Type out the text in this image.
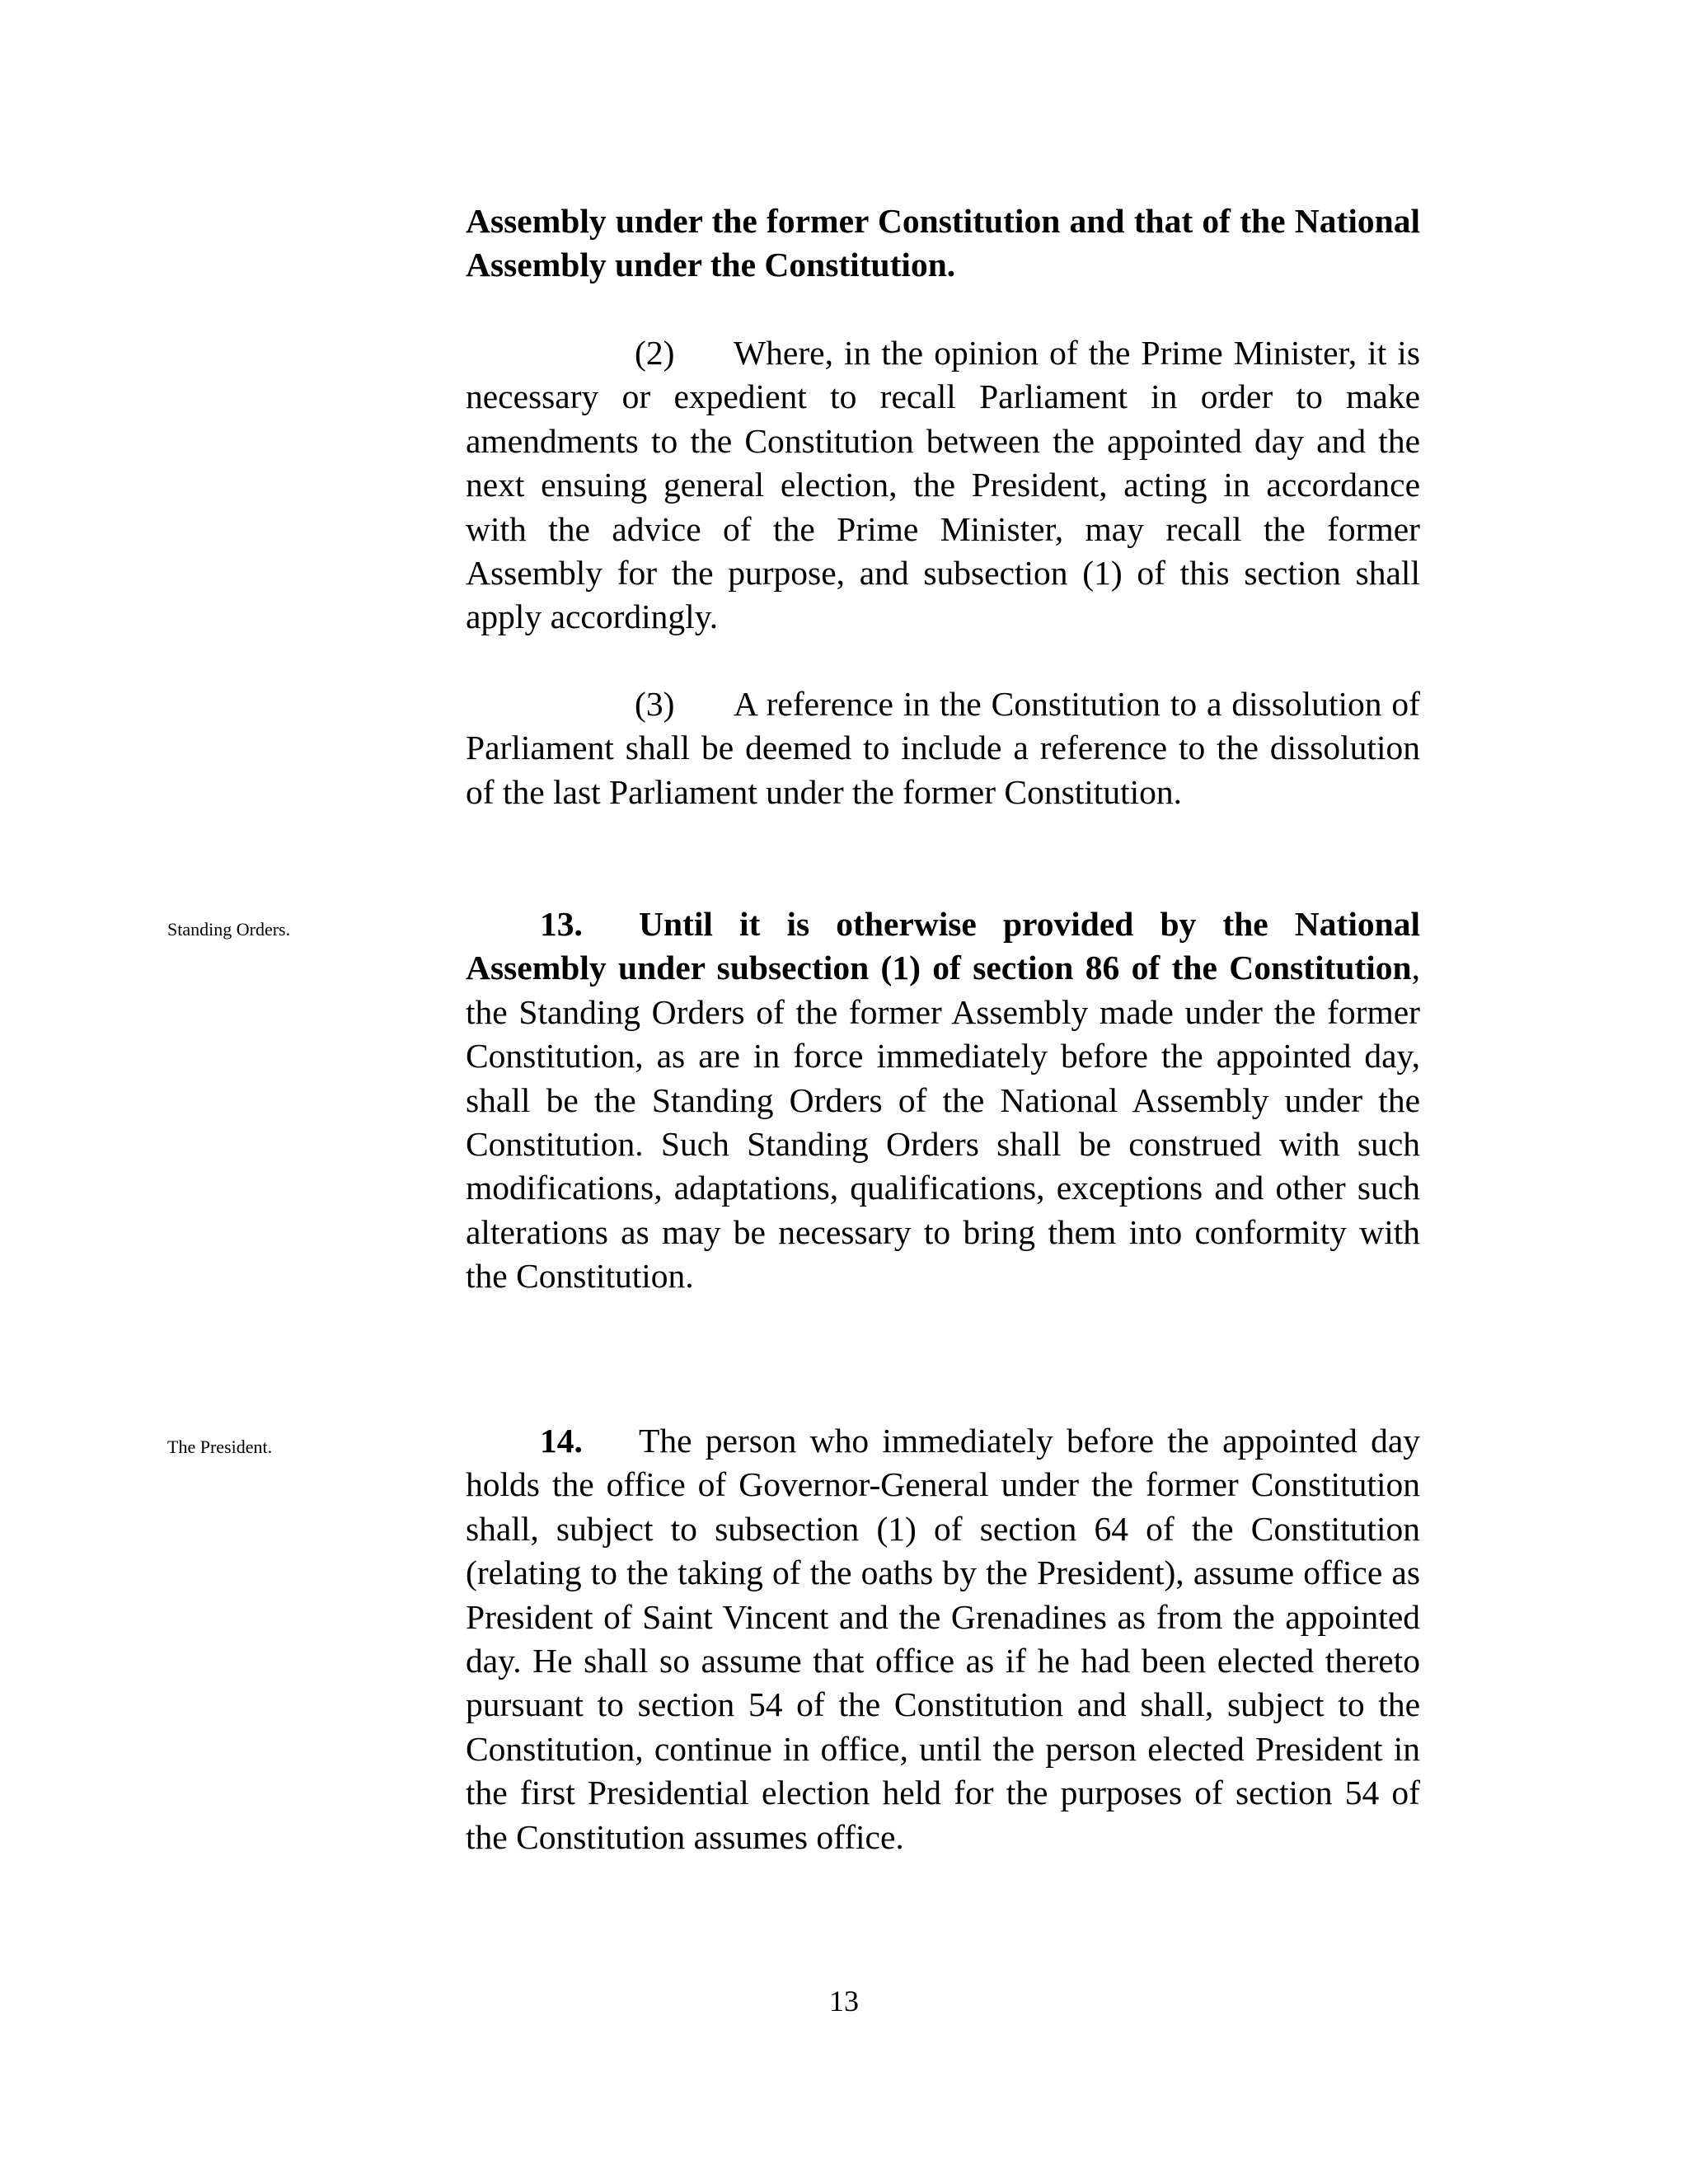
Assembly under the former Constitution and that of the National Assembly under the Constitution.

(2) Where, in the opinion of the Prime Minister, it is necessary or expedient to recall Parliament in order to make amendments to the Constitution between the appointed day and the next ensuing general election, the President, acting in accordance with the advice of the Prime Minister, may recall the former Assembly for the purpose, and subsection (1) of this section shall apply accordingly.

(3) A reference in the Constitution to a dissolution of Parliament shall be deemed to include a reference to the dissolution of the last Parliament under the former Constitution.

Standing Orders.	13. Until it is otherwise provided by the National Assembly under subsection (1) of section 86 of the Constitution, the Standing Orders of the former Assembly made under the former Constitution, as are in force immediately before the appointed day, shall be the Standing Orders of the National Assembly under the Constitution. Such Standing Orders shall be construed with such modifications, adaptations, qualifications, exceptions and other such alterations as may be necessary to bring them into conformity with the Constitution.

The President.	14. The person who immediately before the appointed day holds the office of Governor-General under the former Constitution shall, subject to subsection (1) of section 64 of the Constitution (relating to the taking of the oaths by the President), assume office as President of Saint Vincent and the Grenadines as from the appointed day. He shall so assume that office as if he had been elected thereto pursuant to section 54 of the Constitution and shall, subject to the Constitution, continue in office, until the person elected President in the first Presidential election held for the purposes of section 54 of the Constitution assumes office.

13
